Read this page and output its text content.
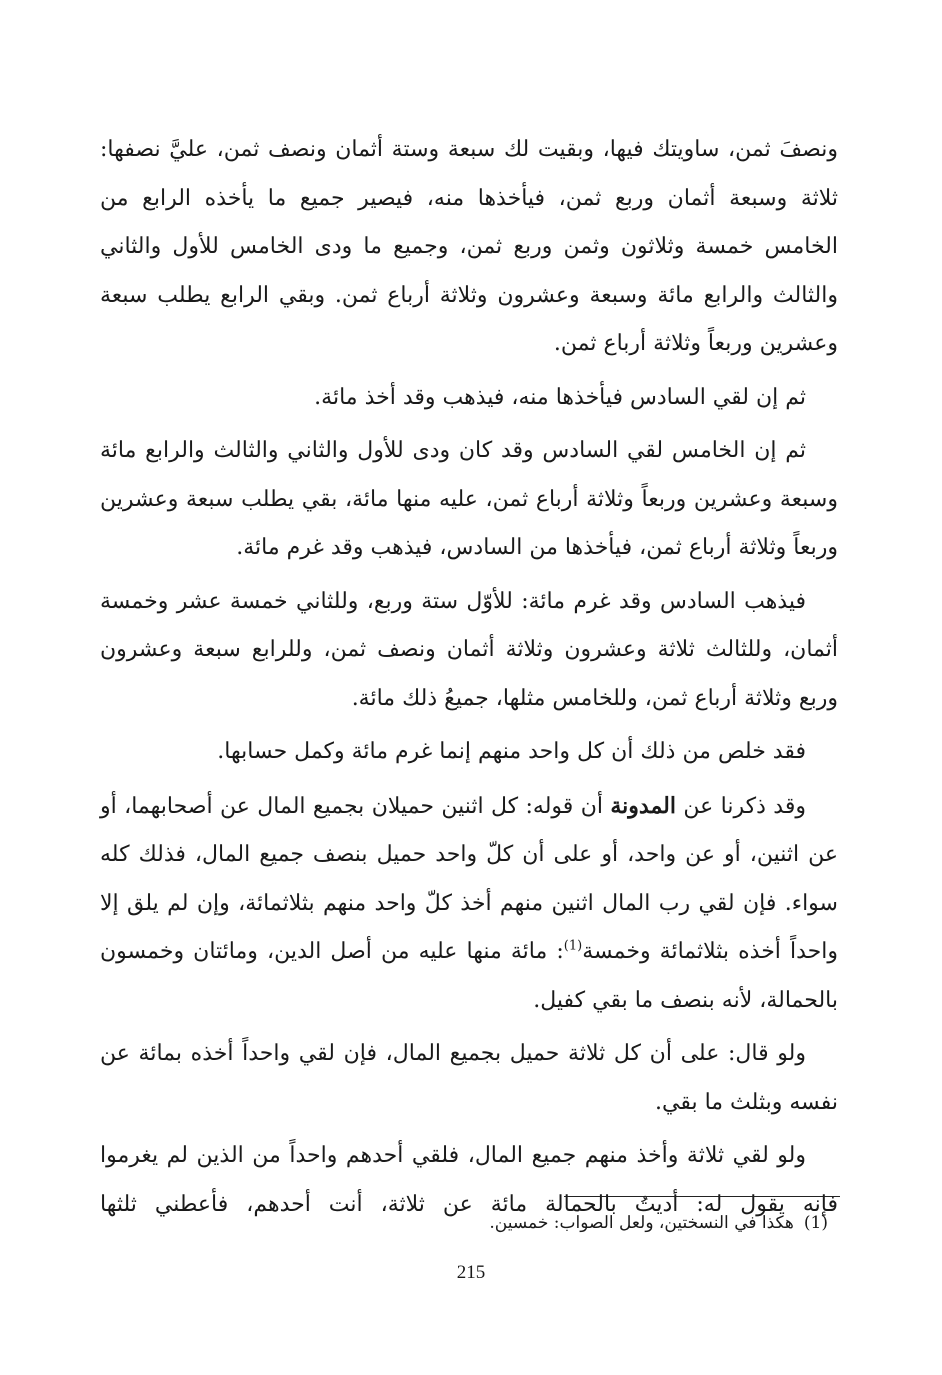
ونصفَ ثمن، ساويتك فيها، وبقيت لك سبعة وستة أثمان ونصف ثمن، عليَّ نصفها: ثلاثة وسبعة أثمان وربع ثمن، فيأخذها منه، فيصير جميع ما يأخذه الرابع من الخامس خمسة وثلاثون وثمن وربع ثمن، وجميع ما ودى الخامس للأول والثاني والثالث والرابع مائة وسبعة وعشرون وثلاثة أرباع ثمن. وبقي الرابع يطلب سبعة وعشرين وربعاً وثلاثة أرباع ثمن.

ثم إن لقي السادس فيأخذها منه، فيذهب وقد أخذ مائة.

ثم إن الخامس لقي السادس وقد كان ودى للأول والثاني والثالث والرابع مائة وسبعة وعشرين وربعاً وثلاثة أرباع ثمن، عليه منها مائة، بقي يطلب سبعة وعشرين وربعاً وثلاثة أرباع ثمن، فيأخذها من السادس، فيذهب وقد غرم مائة.

فيذهب السادس وقد غرم مائة: للأوّل ستة وربع، وللثاني خمسة عشر وخمسة أثمان، وللثالث ثلاثة وعشرون وثلاثة أثمان ونصف ثمن، وللرابع سبعة وعشرون وربع وثلاثة أرباع ثمن، وللخامس مثلها، جميعُ ذلك مائة.

فقد خلص من ذلك أن كل واحد منهم إنما غرم مائة وكمل حسابها.

وقد ذكرنا عن المدونة أن قوله: كل اثنين حميلان بجميع المال عن أصحابهما، أو عن اثنين، أو عن واحد، أو على أن كلّ واحد حميل بنصف جميع المال، فذلك كله سواء. فإن لقي رب المال اثنين منهم أخذ كلّ واحد منهم بثلاثمائة، وإن لم يلق إلا واحداً أخذه بثلاثمائة وخمسة$^{(1)}$: مائة منها عليه من أصل الدين، ومائتان وخمسون بالحمالة، لأنه بنصف ما بقي كفيل.

ولو قال: على أن كل ثلاثة حميل بجميع المال، فإن لقي واحداً أخذه بمائة عن نفسه وبثلث ما بقي.

ولو لقي ثلاثة وأخذ منهم جميع المال، فلقي أحدهم واحداً من الذين لم يغرموا فإنه يقول له: أديتُ بالحمالة مائة عن ثلاثة، أنت أحدهم، فأعطني ثلثها

(1)هكذا في النسختين، ولعل الصواب: خمسين.
215
